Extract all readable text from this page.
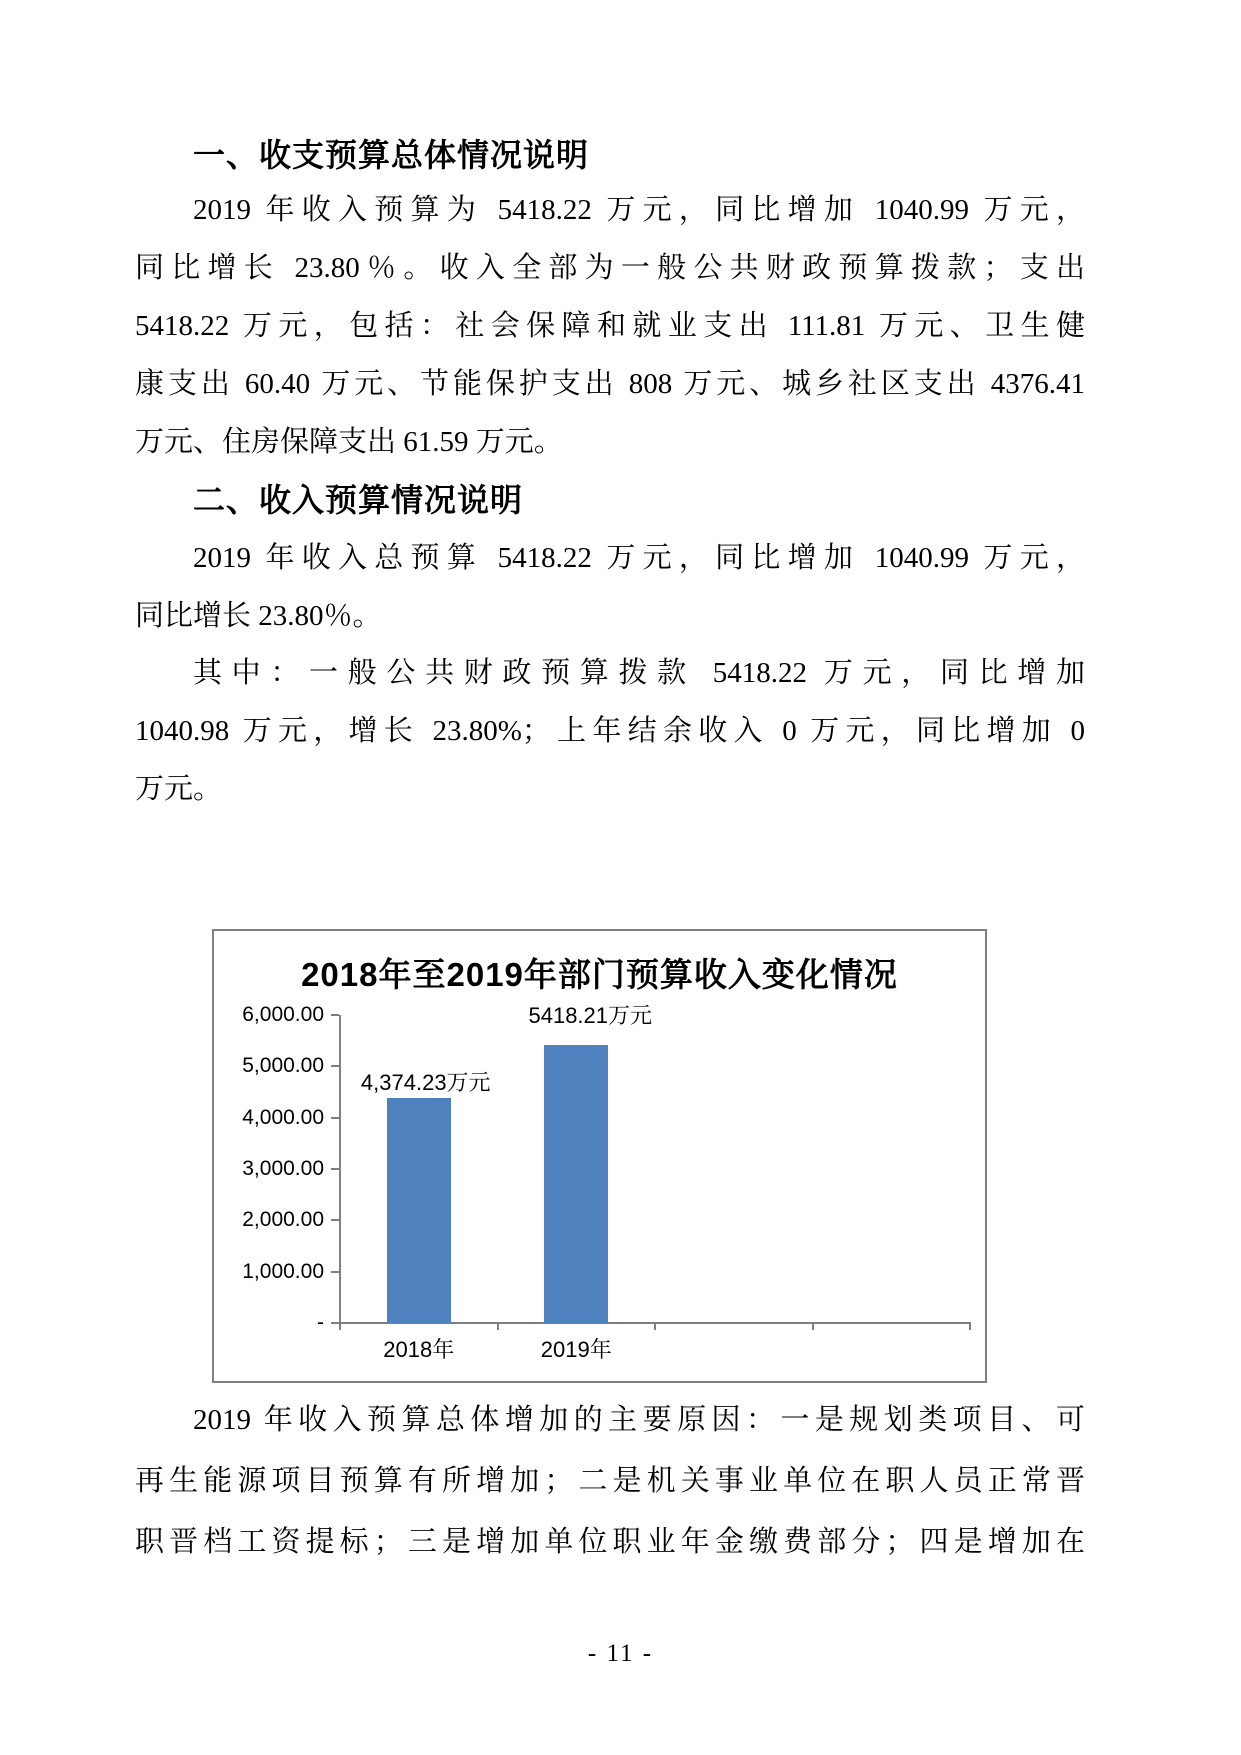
一、收支预算总体情况说明
2019 年收入预算为 5418.22 万元，同比增加 1040.99 万元，
同比增长 23.80％。收入全部为一般公共财政预算拨款；支出
5418.22 万元，包括：社会保障和就业支出 111.81 万元、卫生健
康支出 60.40 万元、节能保护支出 808 万元、城乡社区支出 4376.41
万元、住房保障支出 61.59 万元。
二、收入预算情况说明
2019 年收入总预算 5418.22 万元，同比增加 1040.99 万元，
同比增长 23.80％。
其中：一般公共财政预算拨款 5418.22 万元，同比增加
1040.98 万元，增长 23.80%；上年结余收入 0 万元，同比增加 0
万元。
2018年至2019年部门预算收入变化情况
6,000.00
5,000.00
4,000.00
3,000.00
2,000.00
1,000.00
-
4,374.23万元
5418.21万元
2018年	2019年
2019 年收入预算总体增加的主要原因：一是规划类项目、可
再生能源项目预算有所增加；二是机关事业单位在职人员正常晋
职晋档工资提标；三是增加单位职业年金缴费部分；四是增加在
- 11 -
